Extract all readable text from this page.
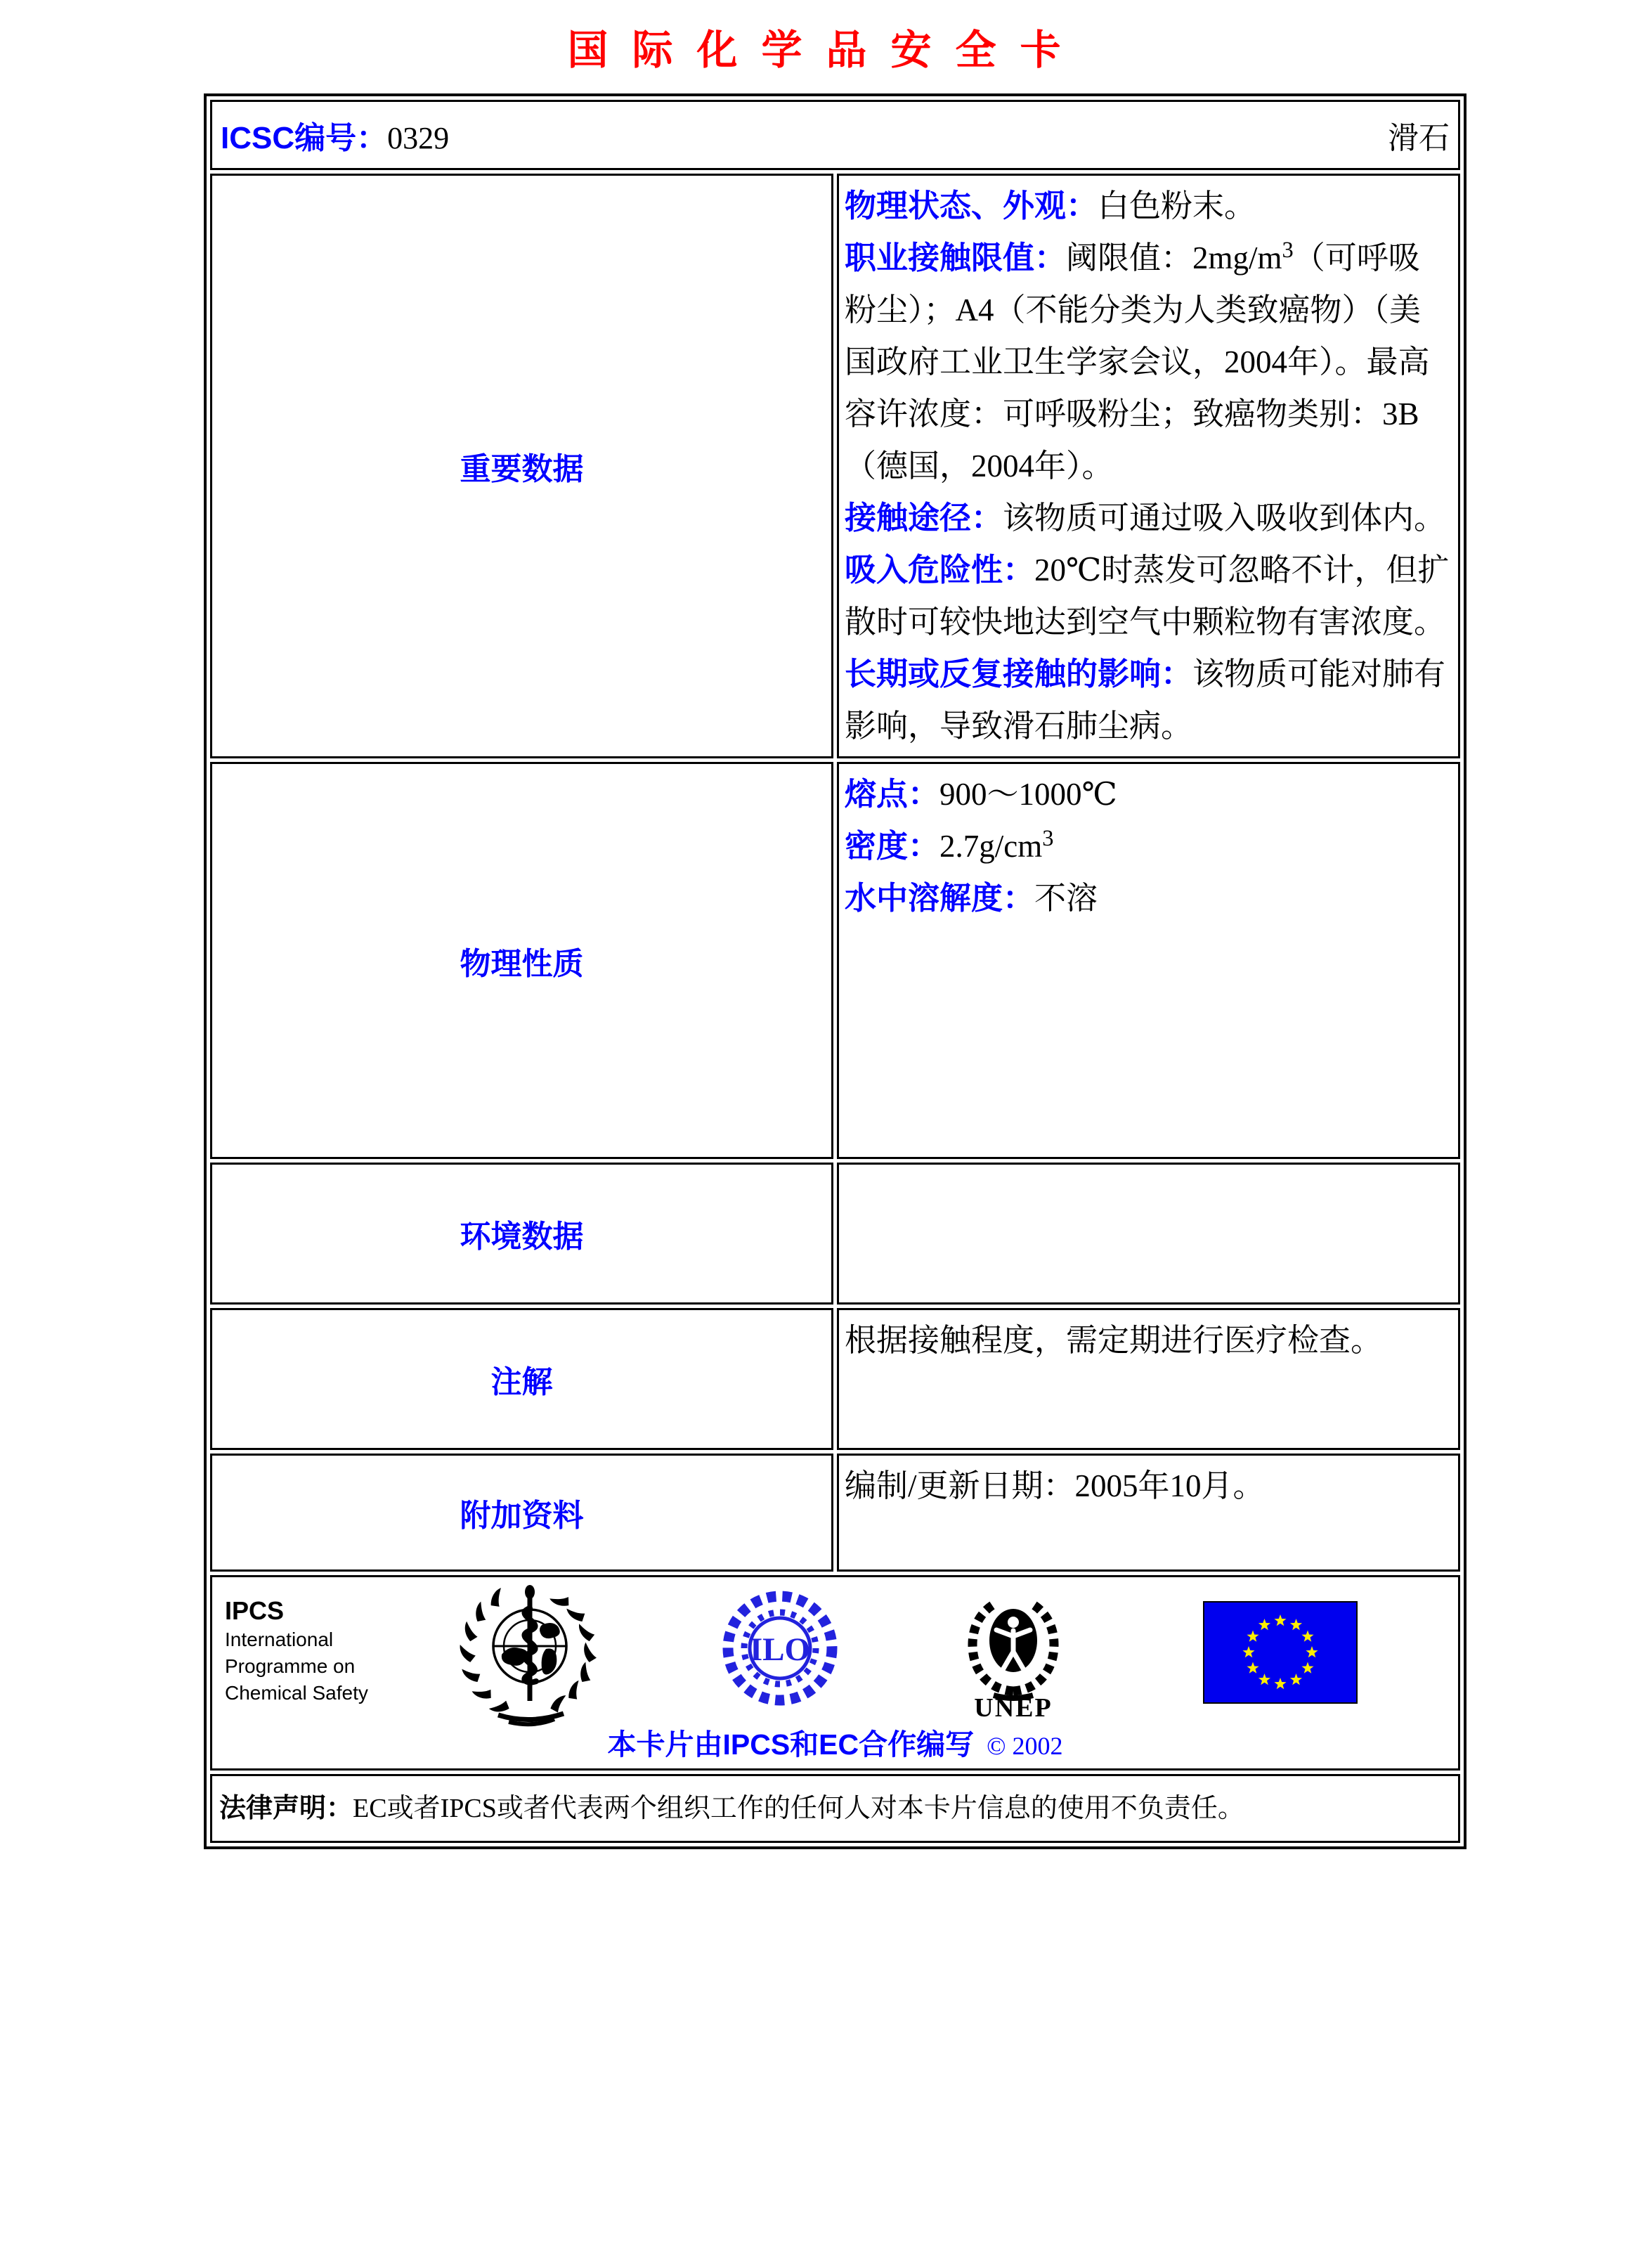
国际化学品安全卡
ICSC编号：0329 滑石	

重要数据	物理状态、外观：白色粉末。

职业接触限值：阈限值：$2mg/m^3$（可呼吸粉尘）；A4（不能分类为人类致癌物）（美国政府工业卫生学家会议，2004年）。最高容许浓度：可呼吸粉尘；致癌物类别：3B（德国，2004年）。

接触途径：该物质可通过吸入吸收到体内。

吸入危险性：20℃时蒸发可忽略不计，但扩散时可较快地达到空气中颗粒物有害浓度。

长期或反复接触的影响：该物质可能对肺有影响，导致滑石肺尘病。

物理性质	熔点：900～1000℃

密度：$2.7g/cm^3$

水中溶解度：不溶

环境数据	
注解	根据接触程度，需定期进行医疗检查。

附加资料	编制/更新日期：2005年10月。

IPCS
International
Programme on
Chemical Safety
ILO
UNEP
本卡片由IPCS和EC合作编写 © 2002

法律声明：EC或者IPCS或者代表两个组织工作的任何人对本卡片信息的使用不负责任。	
